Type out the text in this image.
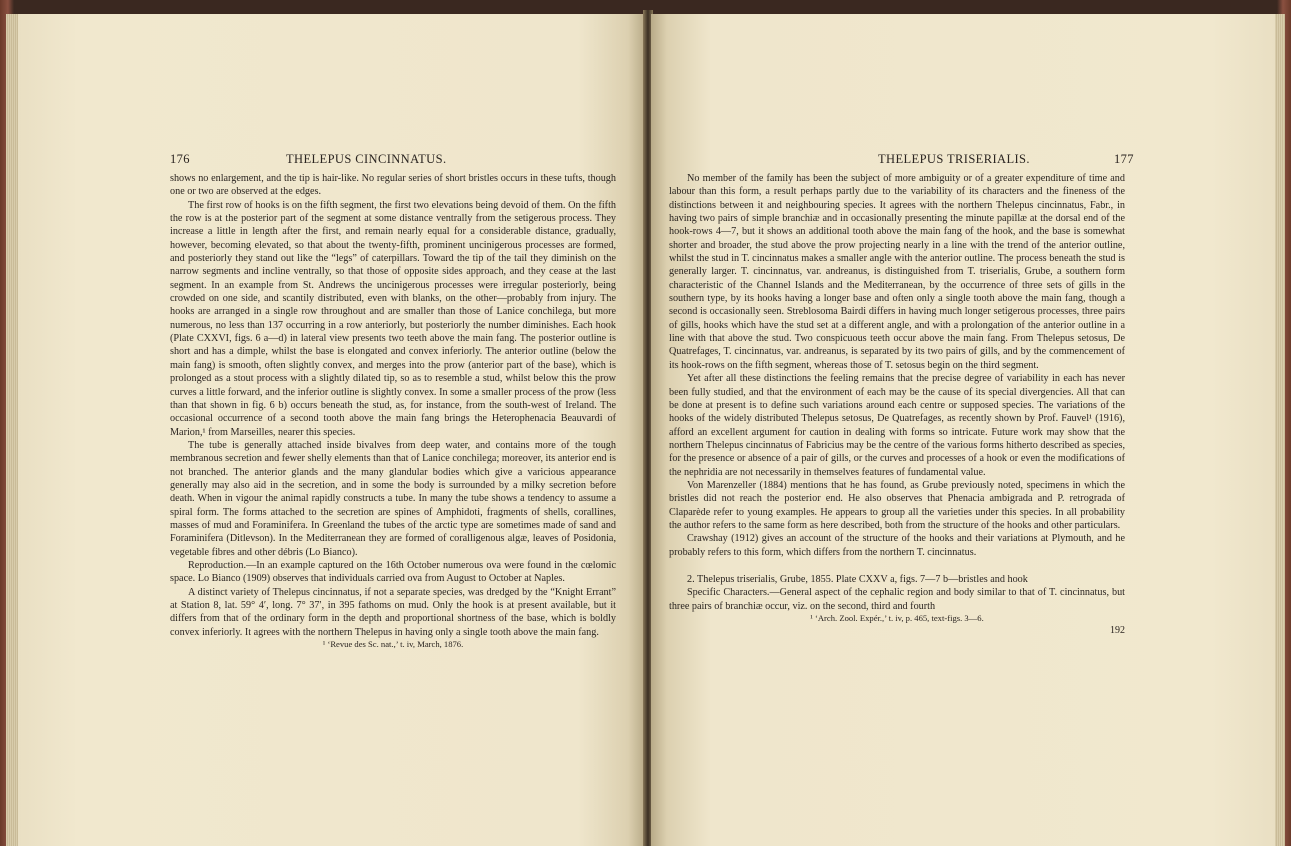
176	THELEPUS CINCINNATUS.

shows no enlargement, and the tip is hair-like. No regular series of short bristles occurs in these tufts, though one or two are observed at the edges.

The first row of hooks is on the fifth segment, the first two elevations being devoid of them. On the fifth the row is at the posterior part of the segment at some distance ventrally from the setigerous process. They increase a little in length after the first, and remain nearly equal for a considerable distance, gradually, however, becoming elevated, so that about the twenty-fifth, prominent uncinigerous processes are formed, and posteriorly they stand out like the “legs” of caterpillars. Toward the tip of the tail they diminish on the narrow segments and incline ventrally, so that those of opposite sides approach, and they cease at the last segment. In an example from St. Andrews the uncinigerous processes were irregular posteriorly, being crowded on one side, and scantily distributed, even with blanks, on the other—probably from injury. The hooks are arranged in a single row throughout and are smaller than those of Lanice conchilega, but more numerous, no less than 137 occurring in a row anteriorly, but posteriorly the number diminishes. Each hook (Plate CXXVI, figs. 6 a—d) in lateral view presents two teeth above the main fang. The posterior outline is short and has a dimple, whilst the base is elongated and convex inferiorly. The anterior outline (below the main fang) is smooth, often slightly convex, and merges into the prow (anterior part of the base), which is prolonged as a stout process with a slightly dilated tip, so as to resemble a stud, whilst below this the prow curves a little forward, and the inferior outline is slightly convex. In some a smaller process of the prow (less than that shown in fig. 6 b) occurs beneath the stud, as, for instance, from the south-west of Ireland. The occasional occurrence of a second tooth above the main fang brings the Heterophenacia Beauvardi of Marion,¹ from Marseilles, nearer this species.

The tube is generally attached inside bivalves from deep water, and contains more of the tough membranous secretion and fewer shelly elements than that of Lanice conchilega; moreover, its anterior end is not branched. The anterior glands and the many glandular bodies which give a varicious appearance generally may also aid in the secretion, and in some the body is surrounded by a milky secretion before death. When in vigour the animal rapidly constructs a tube. In many the tube shows a tendency to assume a spiral form. The forms attached to the secretion are spines of Amphidoti, fragments of shells, corallines, masses of mud and Foraminifera. In Greenland the tubes of the arctic type are sometimes made of sand and Foraminifera (Ditlevson). In the Mediterranean they are formed of coralligenous algæ, leaves of Posidonia, vegetable fibres and other débris (Lo Bianco).

Reproduction.—In an example captured on the 16th October numerous ova were found in the cœlomic space. Lo Bianco (1909) observes that individuals carried ova from August to October at Naples.

A distinct variety of Thelepus cincinnatus, if not a separate species, was dredged by the “Knight Errant” at Station 8, lat. 59° 4′, long. 7° 37′, in 395 fathoms on mud. Only the hook is at present available, but it differs from that of the ordinary form in the depth and proportional shortness of the base, which is boldly convex inferiorly. It agrees with the northern Thelepus in having only a single tooth above the main fang.

¹ ‘Revue des Sc. nat.,’ t. iv, March, 1876.
THELEPUS TRISERIALIS.	177

No member of the family has been the subject of more ambiguity or of a greater expenditure of time and labour than this form, a result perhaps partly due to the variability of its characters and the fineness of the distinctions between it and neighbouring species. It agrees with the northern Thelepus cincinnatus, Fabr., in having two pairs of simple branchiæ and in occasionally presenting the minute papillæ at the dorsal end of the hook-rows 4—7, but it shows an additional tooth above the main fang of the hook, and the base is somewhat shorter and broader, the stud above the prow projecting nearly in a line with the trend of the anterior outline, whilst the stud in T. cincinnatus makes a smaller angle with the anterior outline. The process beneath the stud is generally larger. T. cincinnatus, var. andreanus, is distinguished from T. triserialis, Grube, a southern form characteristic of the Channel Islands and the Mediterranean, by the occurrence of three sets of gills in the southern type, by its hooks having a longer base and often only a single tooth above the main fang, though a second is occasionally seen. Streblosoma Bairdi differs in having much longer setigerous processes, three pairs of gills, hooks which have the stud set at a different angle, and with a prolongation of the anterior outline in a line with that above the stud. Two conspicuous teeth occur above the main fang. From Thelepus setosus, De Quatrefages, T. cincinnatus, var. andreanus, is separated by its two pairs of gills, and by the commencement of its hook-rows on the fifth segment, whereas those of T. setosus begin on the third segment.

Yet after all these distinctions the feeling remains that the precise degree of variability in each has never been fully studied, and that the environment of each may be the cause of its special divergencies. All that can be done at present is to define such variations around each centre or supposed species. The variations of the hooks of the widely distributed Thelepus setosus, De Quatrefages, as recently shown by Prof. Fauvel¹ (1916), afford an excellent argument for caution in dealing with forms so intricate. Future work may show that the northern Thelepus cincinnatus of Fabricius may be the centre of the various forms hitherto described as species, for the presence or absence of a pair of gills, or the curves and processes of a hook or even the modifications of the nephridia are not necessarily in themselves features of fundamental value.

Von Marenzeller (1884) mentions that he has found, as Grube previously noted, specimens in which the bristles did not reach the posterior end. He also observes that Phenacia ambigrada and P. retrograda of Claparède refer to young examples. He appears to group all the varieties under this species. In all probability the author refers to the same form as here described, both from the structure of the hooks and other particulars.

Crawshay (1912) gives an account of the structure of the hooks and their variations at Plymouth, and he probably refers to this form, which differs from the northern T. cincinnatus.

2. Thelepus triserialis, Grube, 1855. Plate CXXV a, figs. 7—7 b—bristles and hook

Specific Characters.—General aspect of the cephalic region and body similar to that of T. cincinnatus, but three pairs of branchiæ occur, viz. on the second, third and fourth

¹ ‘Arch. Zool. Expér.,’ t. iv, p. 465, text-figs. 3—6.
192
